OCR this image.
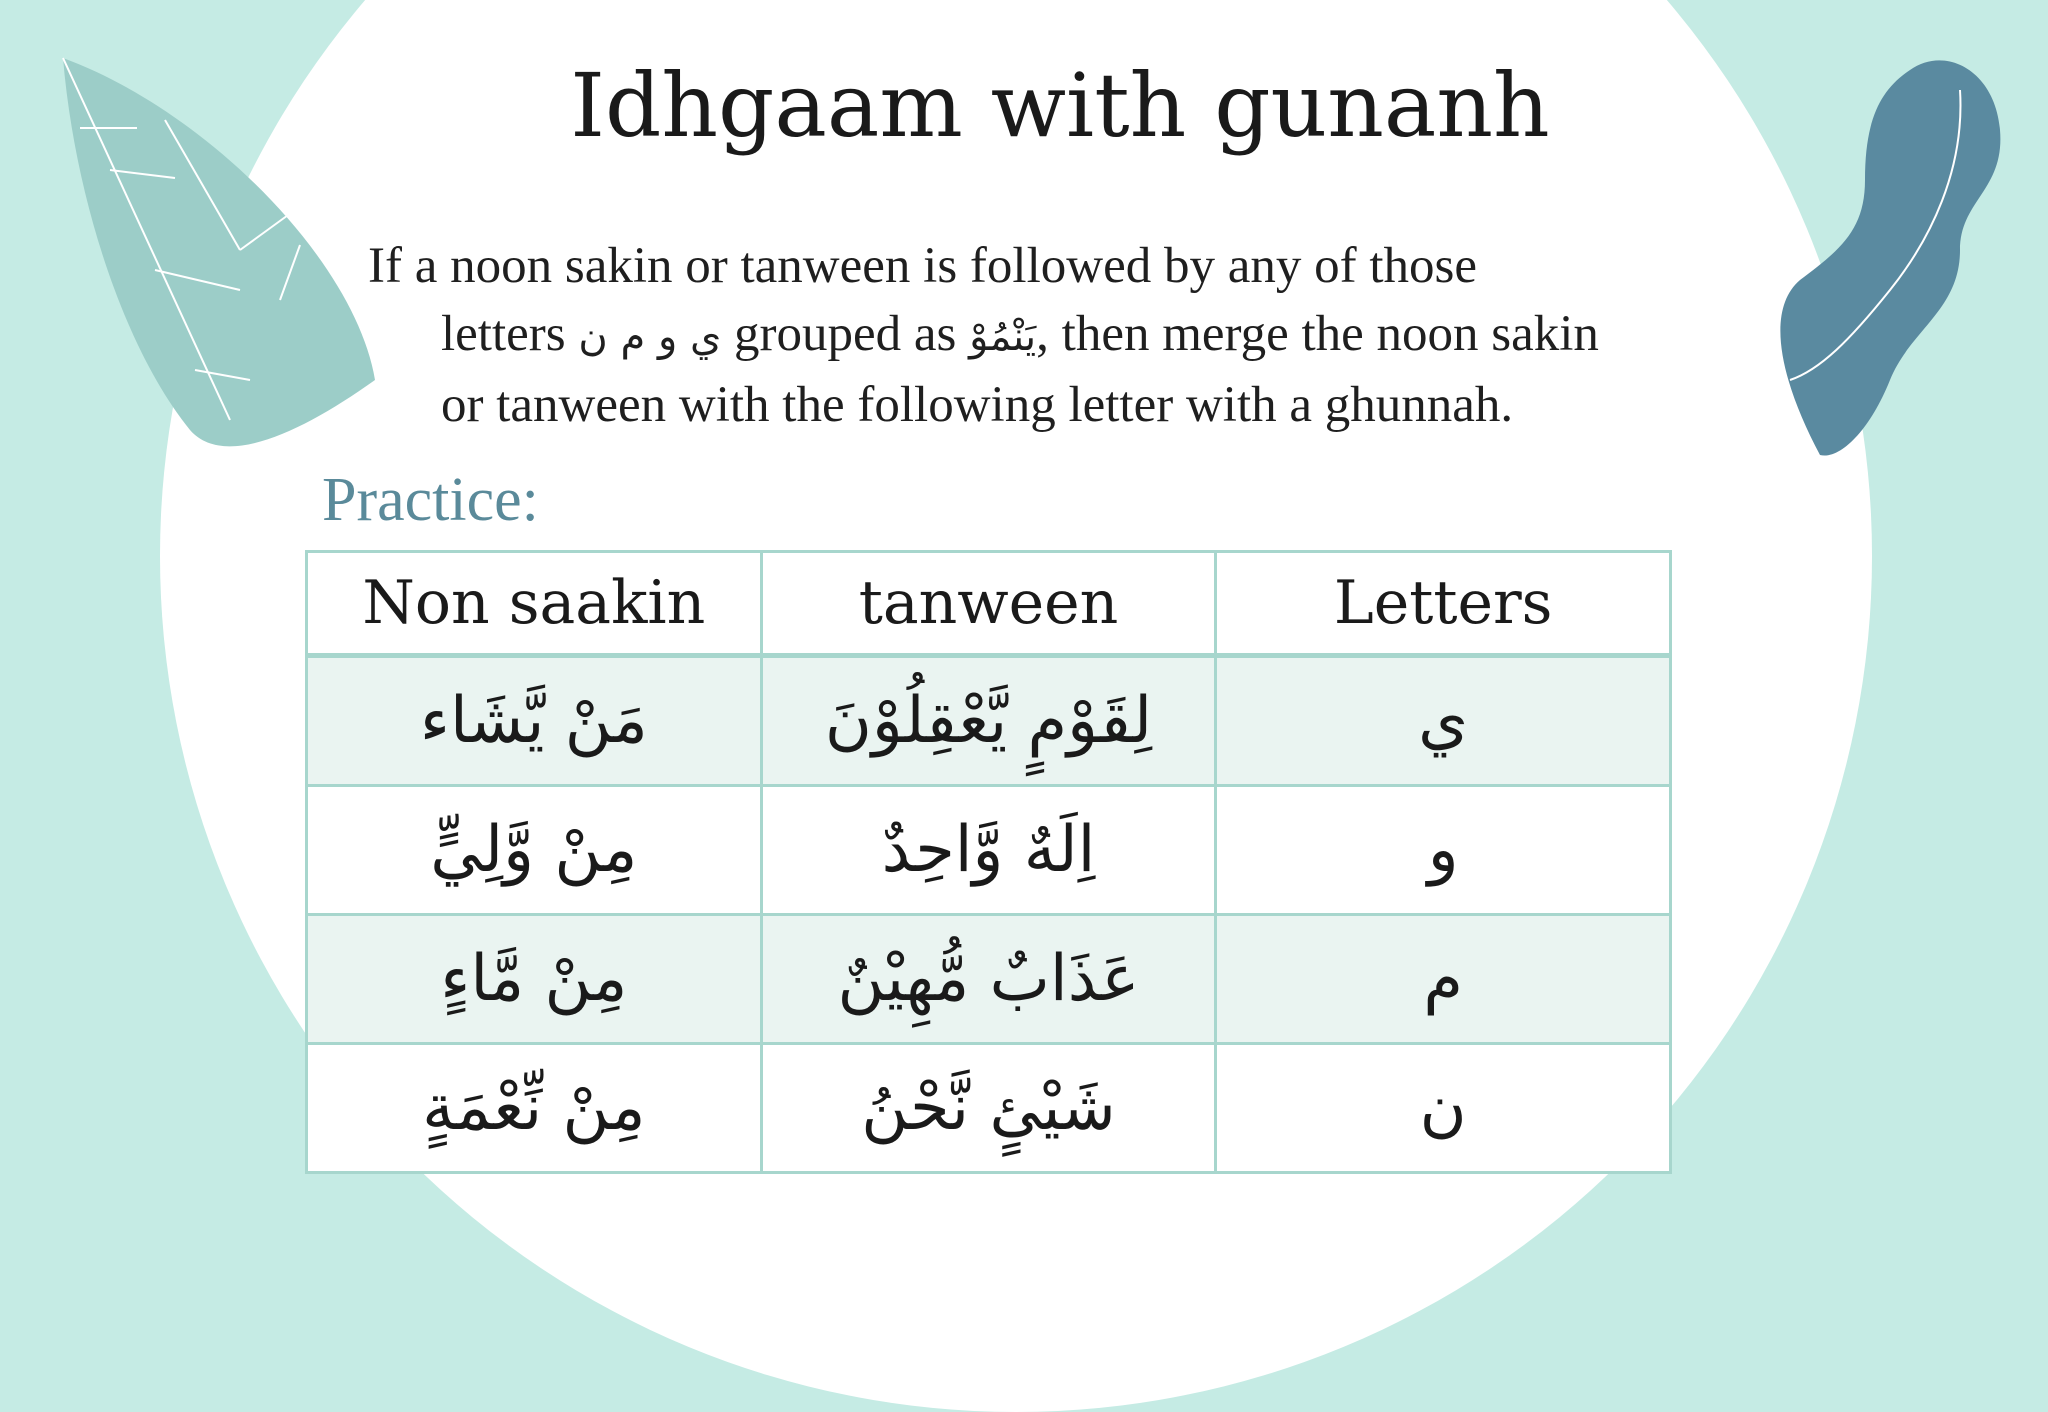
Idhgaam with gunanh
If a noon sakin or tanween is followed by any of those
letters ي و م ن grouped as يَنْمُوْ, then merge the noon sakin
or tanween with the following letter with a ghunnah.
Practice:
Non saakin	tanween	Letters
مَنْ يَّشَاء	لِقَوْمٍ يَّعْقِلُوْنَ	ي
مِنْ وَّلِيٍّ	اِلَهٌ وَّاحِدٌ	و
مِنْ مَّاءٍ	عَذَابٌ مُّهِيْنٌ	م
مِنْ نِّعْمَةٍ	شَيْئٍ نَّحْنُ	ن
